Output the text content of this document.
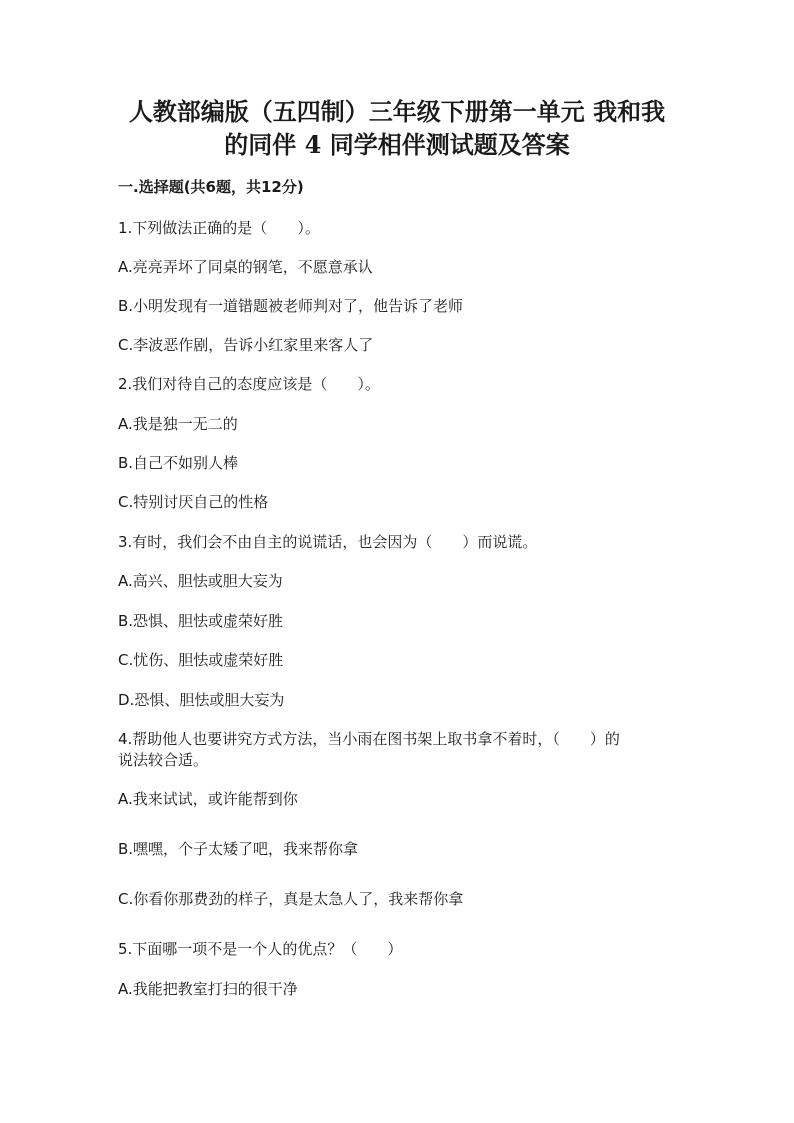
人教部编版（五四制）三年级下册第一单元 我和我
的同伴 4 同学相伴测试题及答案
一.选择题(共6题，共12分)
1.下列做法正确的是（　　）。
A.亮亮弄坏了同桌的钢笔，不愿意承认
B.小明发现有一道错题被老师判对了，他告诉了老师
C.李波恶作剧，告诉小红家里来客人了
2.我们对待自己的态度应该是（　　）。
A.我是独一无二的
B.自己不如别人棒
C.特别讨厌自己的性格
3.有时，我们会不由自主的说谎话，也会因为（　　）而说谎。
A.高兴、胆怯或胆大妄为
B.恐惧、胆怯或虚荣好胜
C.忧伤、胆怯或虚荣好胜
D.恐惧、胆怯或胆大妄为
4.帮助他人也要讲究方式方法，当小雨在图书架上取书拿不着时，（　　）的
说法较合适。
A.我来试试，或许能帮到你
B.嘿嘿，个子太矮了吧，我来帮你拿
C.你看你那费劲的样子，真是太急人了，我来帮你拿
5.下面哪一项不是一个人的优点？（　　）
A.我能把教室打扫的很干净
